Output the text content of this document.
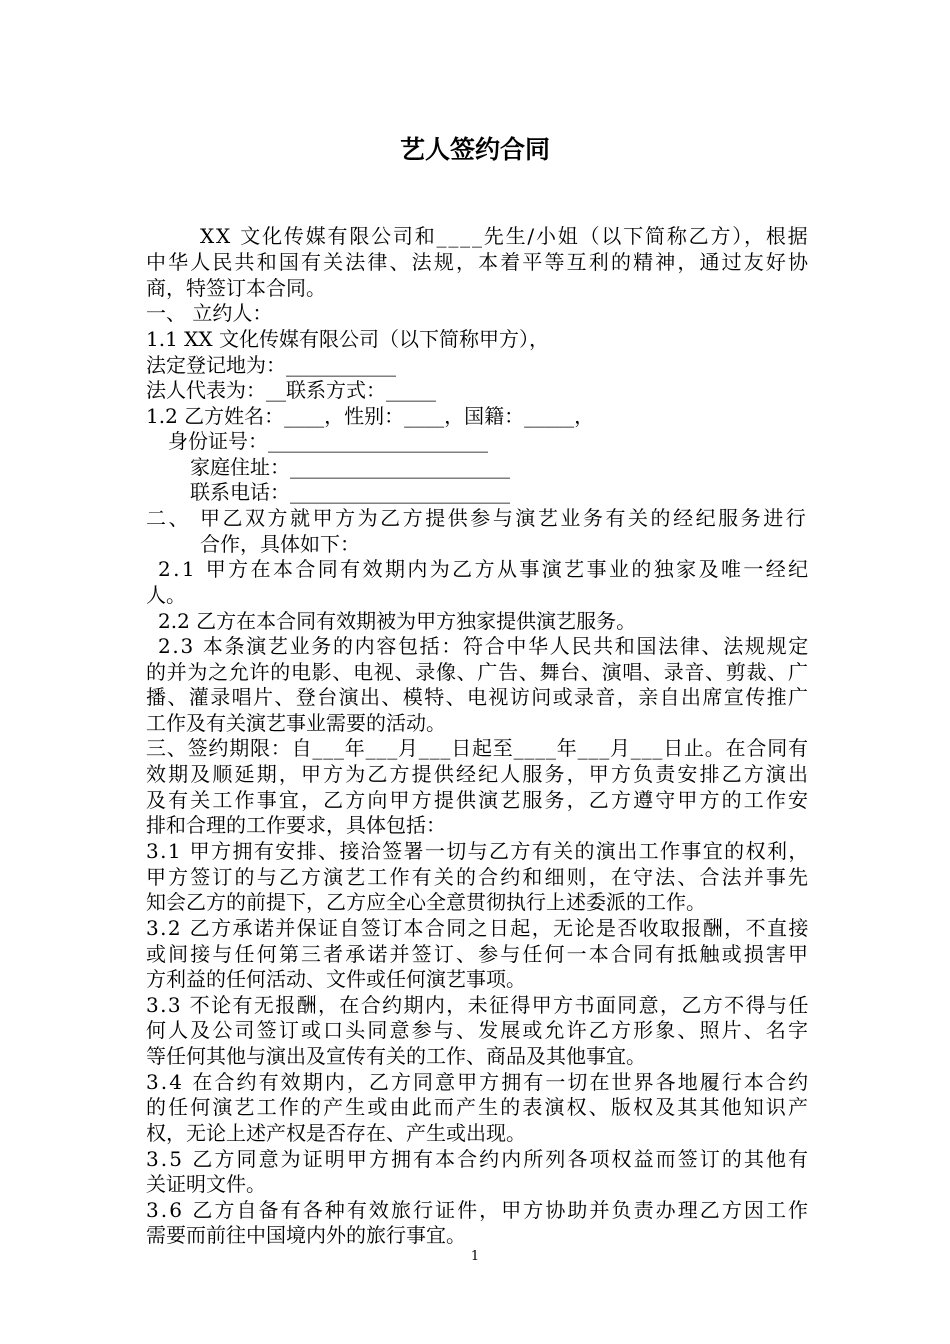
艺人签约合同
XX 文化传媒有限公司和____先生/小姐（以下简称乙方），根据
中华人民共和国有关法律、法规，本着平等互利的精神，通过友好协
商，特签订本合同。
一、 立约人：
1.1 XX 文化传媒有限公司（以下简称甲方），
法定登记地为：___________
法人代表为：__联系方式：_____
1.2 乙方姓名：____，性别：____，国籍：_____，
身份证号：______________________
家庭住址：______________________
联系电话：______________________
二、 甲乙双方就甲方为乙方提供参与演艺业务有关的经纪服务进行
合作，具体如下：
2.1 甲方在本合同有效期内为乙方从事演艺事业的独家及唯一经纪
人。
2.2 乙方在本合同有效期被为甲方独家提供演艺服务。
2.3 本条演艺业务的内容包括：符合中华人民共和国法律、法规规定
的并为之允许的电影、电视、录像、广告、舞台、演唱、录音、剪裁、广
播、灌录唱片、登台演出、模特、电视访问或录音，亲自出席宣传推广
工作及有关演艺事业需要的活动。
三、签约期限：自___年___月___日起至____年___月___日止。在合同有
效期及顺延期，甲方为乙方提供经纪人服务，甲方负责安排乙方演出
及有关工作事宜，乙方向甲方提供演艺服务，乙方遵守甲方的工作安
排和合理的工作要求，具体包括：
3.1 甲方拥有安排、接洽签署一切与乙方有关的演出工作事宜的权利，
甲方签订的与乙方演艺工作有关的合约和细则，在守法、合法并事先
知会乙方的前提下，乙方应全心全意贯彻执行上述委派的工作。
3.2 乙方承诺并保证自签订本合同之日起，无论是否收取报酬，不直接
或间接与任何第三者承诺并签订、参与任何一本合同有抵触或损害甲
方利益的任何活动、文件或任何演艺事项。
3.3 不论有无报酬，在合约期内，未征得甲方书面同意，乙方不得与任
何人及公司签订或口头同意参与、发展或允许乙方形象、照片、名字
等任何其他与演出及宣传有关的工作、商品及其他事宜。
3.4 在合约有效期内，乙方同意甲方拥有一切在世界各地履行本合约
的任何演艺工作的产生或由此而产生的表演权、版权及其其他知识产
权，无论上述产权是否存在、产生或出现。
3.5 乙方同意为证明甲方拥有本合约内所列各项权益而签订的其他有
关证明文件。
3.6 乙方自备有各种有效旅行证件，甲方协助并负责办理乙方因工作
需要而前往中国境内外的旅行事宜。
1
